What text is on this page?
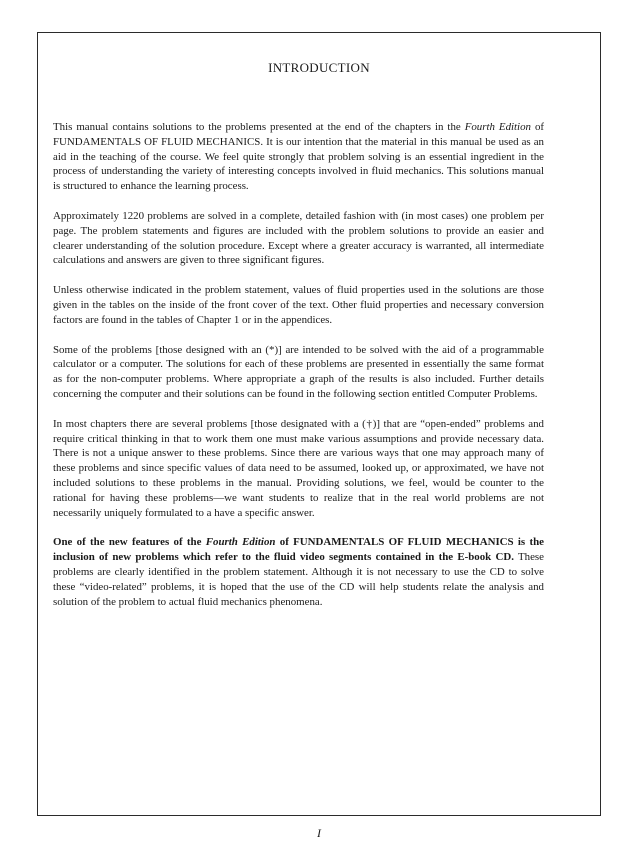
INTRODUCTION

This manual contains solutions to the problems presented at the end of the chapters in the Fourth Edition of FUNDAMENTALS OF FLUID MECHANICS. It is our intention that the material in this manual be used as an aid in the teaching of the course. We feel quite strongly that problem solving is an essential ingredient in the process of understanding the variety of interesting concepts involved in fluid mechanics. This solutions manual is structured to enhance the learning process.

Approximately 1220 problems are solved in a complete, detailed fashion with (in most cases) one problem per page. The problem statements and figures are included with the problem solutions to provide an easier and clearer understanding of the solution procedure. Except where a greater accuracy is warranted, all intermediate calculations and answers are given to three significant figures.

Unless otherwise indicated in the problem statement, values of fluid properties used in the solutions are those given in the tables on the inside of the front cover of the text. Other fluid properties and necessary conversion factors are found in the tables of Chapter 1 or in the appendices.

Some of the problems [those designed with an (*)] are intended to be solved with the aid of a programmable calculator or a computer. The solutions for each of these problems are presented in essentially the same format as for the non-computer problems. Where appropriate a graph of the results is also included. Further details concerning the computer and their solutions can be found in the following section entitled Computer Problems.

In most chapters there are several problems [those designated with a (†)] that are “open-ended” problems and require critical thinking in that to work them one must make various assumptions and provide necessary data. There is not a unique answer to these problems. Since there are various ways that one may approach many of these problems and since specific values of data need to be assumed, looked up, or approximated, we have not included solutions to these problems in the manual. Providing solutions, we feel, would be counter to the rational for having these problems—we want students to realize that in the real world problems are not necessarily uniquely formulated to a have a specific answer.

One of the new features of the Fourth Edition of FUNDAMENTALS OF FLUID MECHANICS is the inclusion of new problems which refer to the fluid video segments contained in the E-book CD. These problems are clearly identified in the problem statement. Although it is not necessary to use the CD to solve these “video-related” problems, it is hoped that the use of the CD will help students relate the analysis and solution of the problem to actual fluid mechanics phenomena.

I
